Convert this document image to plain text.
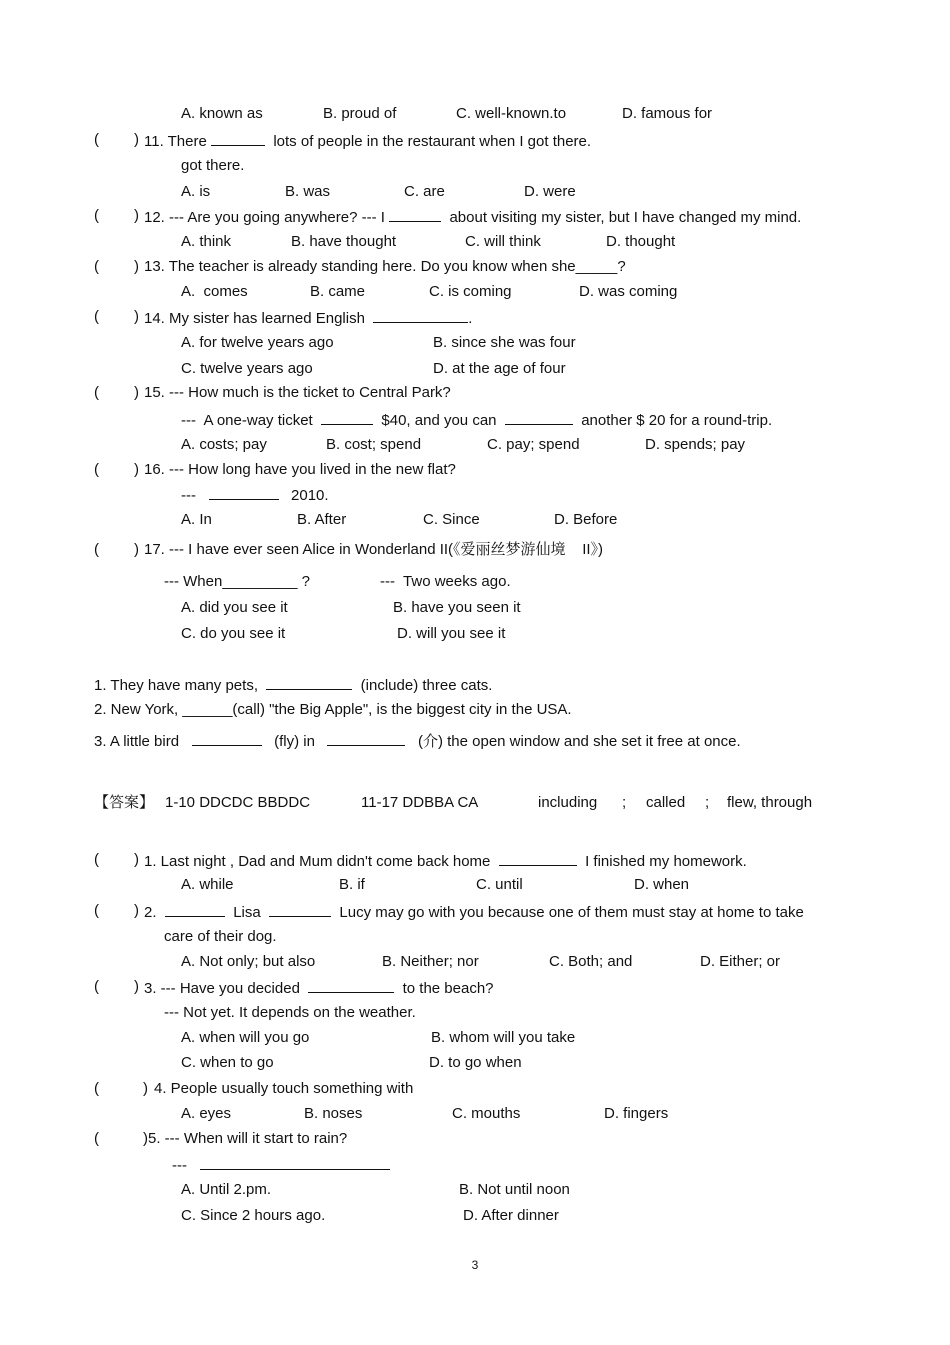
A. known as	B. proud of	C. well-known.to	D. famous for
( ) 11. There	lots of people in the restaurant when I got there.
got there.
A. is	B. was	C. are	D. were
( ) 12. --- Are you going anywhere? --- I	about visiting my sister, but I have changed my mind.
A. think	B. have thought	C. will think	D. thought
( ) 13. The teacher is already standing here. Do you know when she_____?
A.  comes	B. came	C. is coming	D. was coming
( ) 14. My sister has learned English	.
A. for twelve years ago	B. since she was four
C. twelve years ago	D. at the age of four
( ) 15. --- How much is the ticket to Central Park?
---  A one-way ticket	$40, and you can	another $ 20 for a round-trip.
A. costs; pay	B. cost; spend	C. pay; spend	D. spends; pay
( ) 16. --- How long have you lived in the new flat?
---	2010.
A. In	B. After	C. Since	D. Before
( ) 17. --- I have ever seen Alice in Wonderland II(《爱丽丝梦游仙境    II》)
--- When_________ ?	---  Two weeks ago.
A. did you see it	B. have you seen it
C. do you see it	D. will you see it
1. They have many pets,	(include) three cats.
2. New York, ______(call) "the Big Apple", is the biggest city in the USA.
3. A little bird	(fly) in	(介) the open window and she set it free at once.
【答案】 1-10 DDCDC BBDDC	11-17 DDBBA CA	including ; called ; flew, through
( ) 1. Last night , Dad and Mum didn't come back home	I finished my homework.
A. while	B. if	C. until	D. when
( ) 2.	Lisa	Lucy may go with you because one of them must stay at home to take
care of their dog.
A. Not only; but also	B. Neither; nor	C. Both; and	D. Either; or
( ) 3. --- Have you decided	to the beach?
--- Not yet. It depends on the weather.
A. when will you go	B. whom will you take
C. when to go	D. to go when
(	) 4. People usually touch something with
A. eyes	B. noses	C. mouths	D. fingers
(	)5. --- When will it start to rain?
---
A. Until 2.pm.	B. Not until noon
C. Since 2 hours ago.	D. After dinner
3
